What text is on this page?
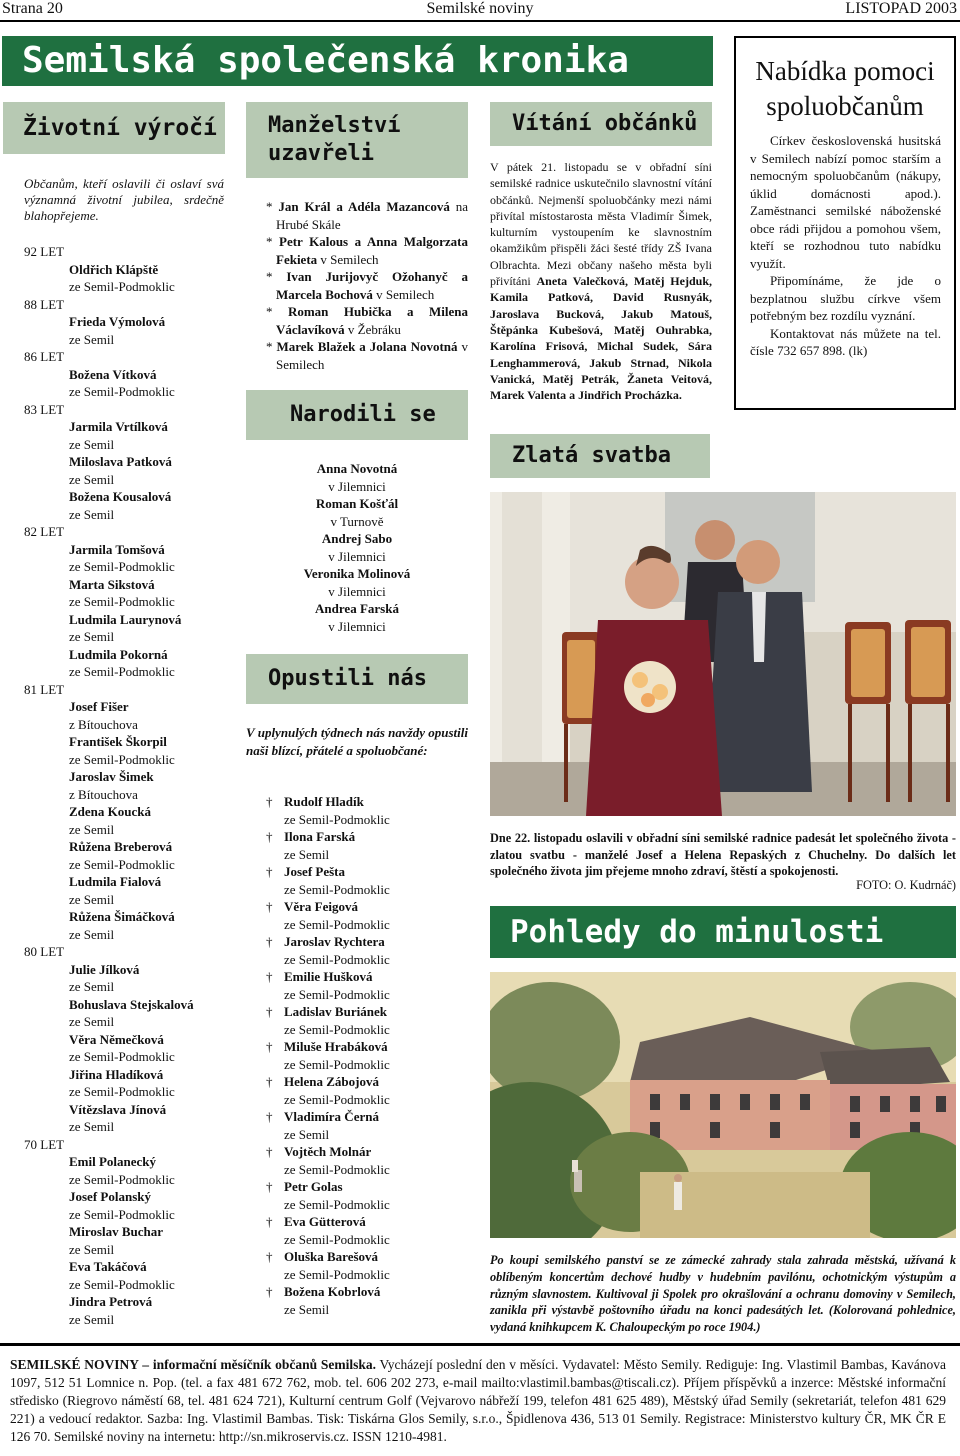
Strana 20	Semilské noviny	LISTOPAD 2003
Semilská společenská kronika
Životní výročí
Občanům, kteří oslavili či oslaví svá významná životní jubilea, srdečně blahopřejeme.
92 LET
Oldřich Klápště
ze Semil-Podmoklic
88 LET
Frieda Výmolová
ze Semil
86 LET
Božena Vítková
ze Semil-Podmoklic
83 LET
Jarmila Vrtílková
ze Semil
Miloslava Patková
ze Semil
Božena Kousalová
ze Semil
82 LET
Jarmila Tomšová
ze Semil-Podmoklic
Marta Sikstová
ze Semil-Podmoklic
Ludmila Laurynová
ze Semil
Ludmila Pokorná
ze Semil-Podmoklic
81 LET
Josef Fišer
z Bítouchova
František Škorpil
ze Semil-Podmoklic
Jaroslav Šimek
z Bítouchova
Zdena Koucká
ze Semil
Růžena Breberová
ze Semil-Podmoklic
Ludmila Fialová
ze Semil
Růžena Šimáčková
ze Semil
80 LET
Julie Jílková
ze Semil
Bohuslava Stejskalová
ze Semil
Věra Němečková
ze Semil-Podmoklic
Jiřina Hladíková
ze Semil-Podmoklic
Vítězslava Jínová
ze Semil
70 LET
Emil Polanecký
ze Semil-Podmoklic
Josef Polanský
ze Semil-Podmoklic
Miroslav Buchar
ze Semil
Eva Takáčová
ze Semil-Podmoklic
Jindra Petrová
ze Semil
Manželství uzavřeli
* Jan Král a Adéla Mazancová na Hrubé Skále
* Petr Kalous a Anna Malgorzata Fekieta v Semilech
* Ivan Jurijovyč Ožohanyč a Marcela Bochová v Semilech
* Roman Hubička a Milena Václavíková v Žebráku
* Marek Blažek a Jolana Novotná v Semilech
Narodili se
Anna Novotná
v Jilemnici
Roman Košťál
v Turnově
Andrej Sabo
v Jilemnici
Veronika Molinová
v Jilemnici
Andrea Farská
v Jilemnici
Opustili nás
V uplynulých týdnech nás navždy opustili naši blízcí, přátelé a spoluobčané:
† Rudolf Hladík
ze Semil-Podmoklic
† Ilona Farská
ze Semil
† Josef Pešta
ze Semil-Podmoklic
† Věra Feigová
ze Semil-Podmoklic
† Jaroslav Rychtera
ze Semil-Podmoklic
† Emilie Hušková
ze Semil-Podmoklic
† Ladislav Buriánek
ze Semil-Podmoklic
† Miluše Hrabáková
ze Semil-Podmoklic
† Helena Zábojová
ze Semil-Podmoklic
† Vladimíra Černá
ze Semil
† Vojtěch Molnár
ze Semil-Podmoklic
† Petr Golas
ze Semil-Podmoklic
† Eva Gütterová
ze Semil-Podmoklic
† Oluška Barešová
ze Semil-Podmoklic
† Božena Kobrlová
ze Semil
Vítání občánků
V pátek 21. listopadu se v obřadní síni semilské radnice uskutečnilo slavnostní vítání občánků. Nejmenší spoluobčánky mezi námi přivítal místostarosta města Vladimír Šimek, kulturním vystoupením ke slavnostním okamžikům přispěli žáci šesté třídy ZŠ Ivana Olbrachta. Mezi občany našeho města byli přivítáni Aneta Valečková, Matěj Hejduk, Kamila Patková, David Rusnyák, Jaroslava Bucková, Jakub Matouš, Štěpánka Kubešová, Matěj Ouhrabka, Karolína Frisová, Michal Sudek, Sára Lenghammerová, Jakub Strnad, Nikola Vanická, Matěj Petrák, Žaneta Veitová, Marek Valenta a Jindřich Procházka.
Nabídka pomoci spoluobčanům
Církev československá husitská v Semilech nabízí pomoc starším a nemocným spoluobčanům (nákupy, úklid domácnosti apod.). Zaměstnanci semilské náboženské obce rádi přijdou a pomohou všem, kteří se rozhodnou tuto nabídku využít.
Připomínáme, že jde o bezplatnou službu církve všem potřebným bez rozdílu vyznání.
Kontaktovat nás můžete na tel. čísle 732 657 898. (lk)
Zlatá svatba
Dne 22. listopadu oslavili v obřadní síni semilské radnice padesát let společného života - zlatou svatbu - manželé Josef a Helena Repaských z Chuchelny. Do dalších let společného života jim přejeme mnoho zdraví, štěstí a spokojenosti.
FOTO: O. Kudrnáč)
Pohledy do minulosti
Po koupi semilského panství se ze zámecké zahrady stala zahrada městská, užívaná k oblíbeným koncertům dechové hudby v hudebním pavilónu, ochotnickým výstupům a různým slavnostem. Kultivoval ji Spolek pro okrašlování a ochranu domoviny v Semilech, zanikla při výstavbě poštovního úřadu na konci padesátých let. (Kolorovaná pohlednice, vydaná knihkupcem K. Chaloupeckým po roce 1904.)

SEMILSKÉ NOVINY – informační měsíčník občanů Semilska. Vycházejí poslední den v měsíci. Vydavatel: Město Semily. Rediguje: Ing. Vlastimil Bambas, Kavánova 1097, 512 51 Lomnice n. Pop. (tel. a fax 481 672 762, mob. tel. 606 202 273, e-mail mailto:vlastimil.bambas@tiscali.cz). Příjem příspěvků a inzerce: Městské informační středisko (Riegrovo náměstí 68, tel. 481 624 721), Kulturní centrum Golf (Vejvarovo nábřeží 199, telefon 481 625 489), Městský úřad Semily (sekretariát, telefon 481 629 221) a vedoucí redaktor. Sazba: Ing. Vlastimil Bambas. Tisk: Tiskárna Glos Semily, s.r.o., Špidlenova 436, 513 01 Semily. Registrace: Ministerstvo kultury ČR, MK ČR E 126 70. Semilské noviny na internetu: http://sn.mikroservis.cz. ISSN 1210-4981.
